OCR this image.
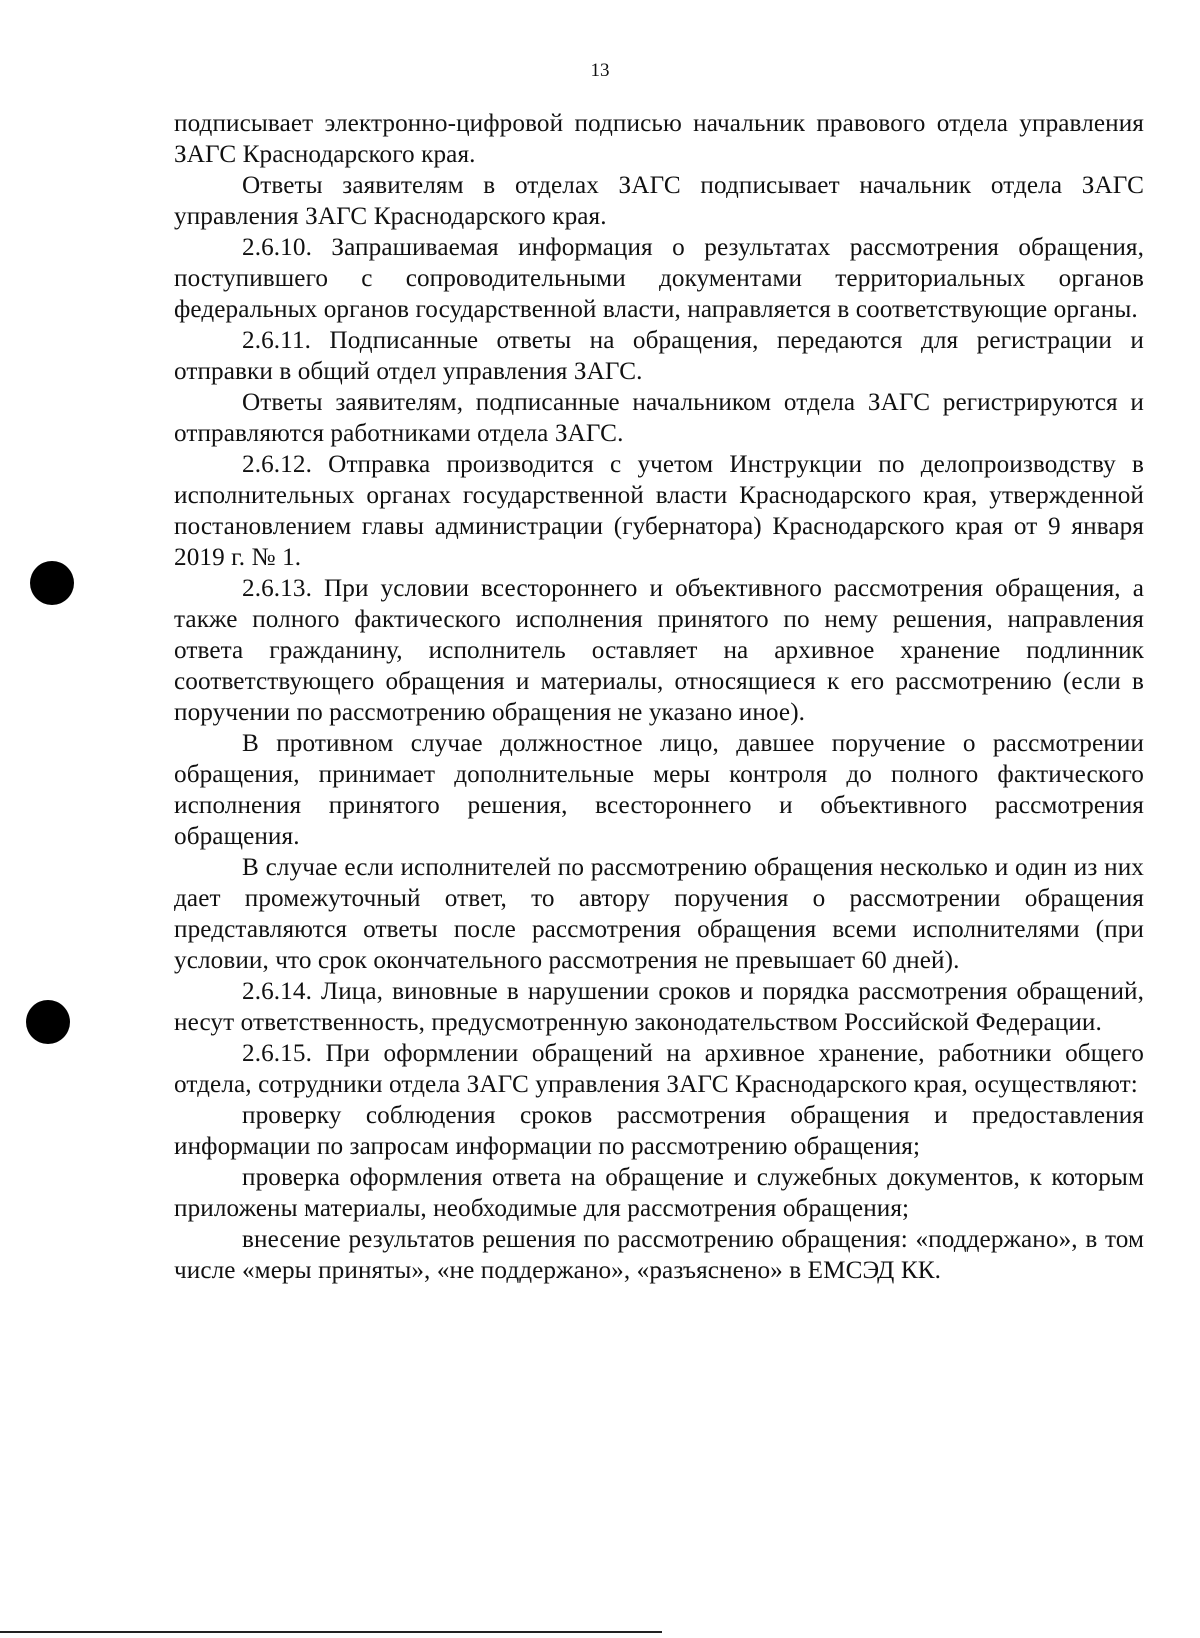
13

подписывает электронно-цифровой подписью начальник правового отдела управления ЗАГС Краснодарского края.

Ответы заявителям в отделах ЗАГС подписывает начальник отдела ЗАГС управления ЗАГС Краснодарского края.

2.6.10. Запрашиваемая информация о результатах рассмотрения обращения, поступившего с сопроводительными документами территориальных органов федеральных органов государственной власти, направляется в соответствующие органы.

2.6.11. Подписанные ответы на обращения, передаются для регистрации и отправки в общий отдел управления ЗАГС.

Ответы заявителям, подписанные начальником отдела ЗАГС регистрируются и отправляются работниками отдела ЗАГС.

2.6.12. Отправка производится с учетом Инструкции по делопроизводству в исполнительных органах государственной власти Краснодарского края, утвержденной постановлением главы администрации (губернатора) Краснодарского края от 9 января 2019 г. № 1.

2.6.13. При условии всестороннего и объективного рассмотрения обращения, а также полного фактического исполнения принятого по нему решения, направления ответа гражданину, исполнитель оставляет на архивное хранение подлинник соответствующего обращения и материалы, относящиеся к его рассмотрению (если в поручении по рассмотрению обращения не указано иное).

В противном случае должностное лицо, давшее поручение о рассмотрении обращения, принимает дополнительные меры контроля до полного фактического исполнения принятого решения, всестороннего и объективного рассмотрения обращения.

В случае если исполнителей по рассмотрению обращения несколько и один из них дает промежуточный ответ, то автору поручения о рассмотрении обращения представляются ответы после рассмотрения обращения всеми исполнителями (при условии, что срок окончательного рассмотрения не превышает 60 дней).

2.6.14. Лица, виновные в нарушении сроков и порядка рассмотрения обращений, несут ответственность, предусмотренную законодательством Российской Федерации.

2.6.15. При оформлении обращений на архивное хранение, работники общего отдела, сотрудники отдела ЗАГС управления ЗАГС Краснодарского края, осуществляют:

проверку соблюдения сроков рассмотрения обращения и предоставления информации по запросам информации по рассмотрению обращения;

проверка оформления ответа на обращение и служебных документов, к которым приложены материалы, необходимые для рассмотрения обращения;

внесение результатов решения по рассмотрению обращения: «поддержано», в том числе «меры приняты», «не поддержано», «разъяснено» в ЕМСЭД КК.
